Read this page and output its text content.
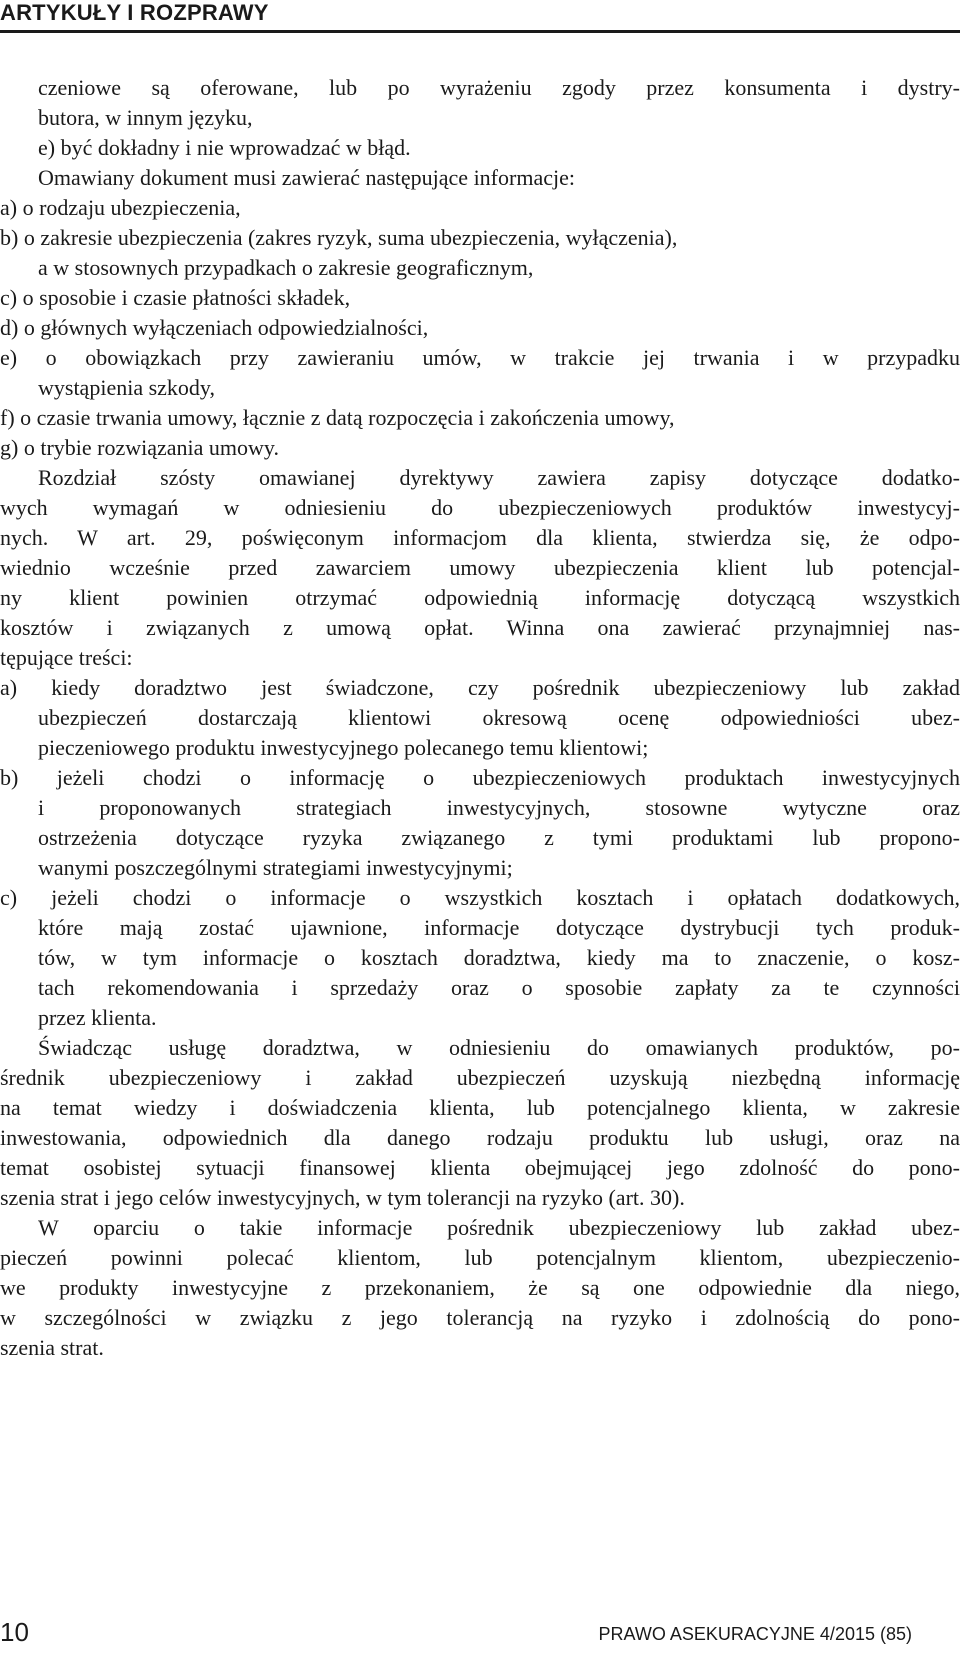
ARTYKUŁY I ROZPRAWY
czeniowe są oferowane, lub po wyrażeniu zgody przez konsumenta i dystry-
butora, w innym języku,
e) być dokładny i nie wprowadzać w błąd.
Omawiany dokument musi zawierać następujące informacje:
a) o rodzaju ubezpieczenia,
b) o zakresie ubezpieczenia (zakres ryzyk, suma ubezpieczenia, wyłączenia),
a w stosownych przypadkach o zakresie geograficznym,
c) o sposobie i czasie płatności składek,
d) o głównych wyłączeniach odpowiedzialności,
e) o obowiązkach przy zawieraniu umów, w trakcie jej trwania i w przypadku
wystąpienia szkody,
f) o czasie trwania umowy, łącznie z datą rozpoczęcia i zakończenia umowy,
g) o trybie rozwiązania umowy.
Rozdział szósty omawianej dyrektywy zawiera zapisy dotyczące dodatko-
wych wymagań w odniesieniu do ubezpieczeniowych produktów inwestycyj-
nych. W art. 29, poświęconym informacjom dla klienta, stwierdza się, że odpo-
wiednio wcześnie przed zawarciem umowy ubezpieczenia klient lub potencjal-
ny klient powinien otrzymać odpowiednią informację dotyczącą wszystkich
kosztów i związanych z umową opłat. Winna ona zawierać przynajmniej nas-
tępujące treści:
a) kiedy doradztwo jest świadczone, czy pośrednik ubezpieczeniowy lub zakład
ubezpieczeń dostarczają klientowi okresową ocenę odpowiedniości ubez-
pieczeniowego produktu inwestycyjnego polecanego temu klientowi;
b) jeżeli chodzi o informację o ubezpieczeniowych produktach inwestycyjnych
i proponowanych strategiach inwestycyjnych, stosowne wytyczne oraz
ostrzeżenia dotyczące ryzyka związanego z tymi produktami lub propono-
wanymi poszczególnymi strategiami inwestycyjnymi;
c) jeżeli chodzi o informacje o wszystkich kosztach i opłatach dodatkowych,
które mają zostać ujawnione, informacje dotyczące dystrybucji tych produk-
tów, w tym informacje o kosztach doradztwa, kiedy ma to znaczenie, o kosz-
tach rekomendowania i sprzedaży oraz o sposobie zapłaty za te czynności
przez klienta.
Świadcząc usługę doradztwa, w odniesieniu do omawianych produktów, po-
średnik ubezpieczeniowy i zakład ubezpieczeń uzyskują niezbędną informację
na temat wiedzy i doświadczenia klienta, lub potencjalnego klienta, w zakresie
inwestowania, odpowiednich dla danego rodzaju produktu lub usługi, oraz na
temat osobistej sytuacji finansowej klienta obejmującej jego zdolność do pono-
szenia strat i jego celów inwestycyjnych, w tym tolerancji na ryzyko (art. 30).
W oparciu o takie informacje pośrednik ubezpieczeniowy lub zakład ubez-
pieczeń powinni polecać klientom, lub potencjalnym klientom, ubezpieczenio-
we produkty inwestycyjne z przekonaniem, że są one odpowiednie dla niego,
w szczególności w związku z jego tolerancją na ryzyko i zdolnością do pono-
szenia strat.
10	PRAWO ASEKURACYJNE 4/2015 (85)
